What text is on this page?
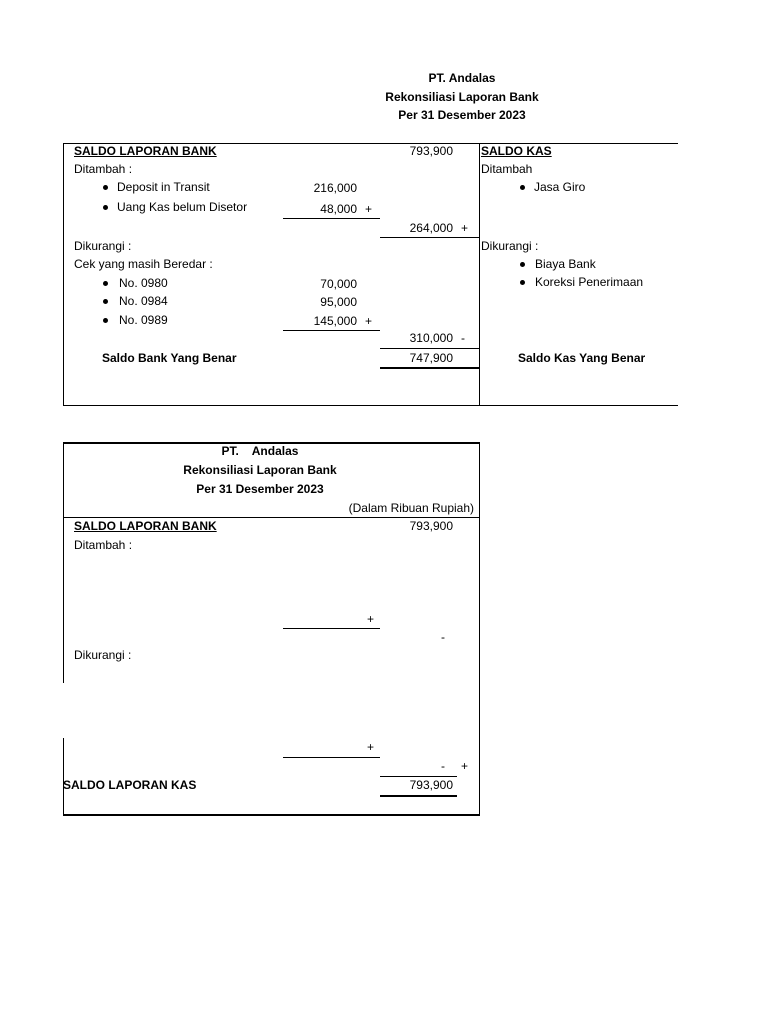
PT. Andalas
Rekonsiliasi Laporan Bank
Per 31 Desember 2023
SALDO LAPORAN BANK	793,900
Ditambah :
Deposit in Transit	216,000
Uang Kas belum Disetor	48,000 +
264,000 +
Dikurangi :
Cek yang masih Beredar :
No. 0980	70,000
No. 0984	95,000
No. 0989	145,000 +
310,000 -
Saldo Bank Yang Benar	747,900
SALDO KAS
Ditambah
Jasa Giro
Dikurangi :
Biaya Bank
Koreksi Penerimaan
Saldo Kas Yang Benar
PT.    Andalas
Rekonsiliasi Laporan Bank
Per 31 Desember 2023
(Dalam Ribuan Rupiah)
SALDO LAPORAN BANK	793,900
Ditambah :
+
-
Dikurangi :
+
- +
SALDO LAPORAN KAS	793,900
